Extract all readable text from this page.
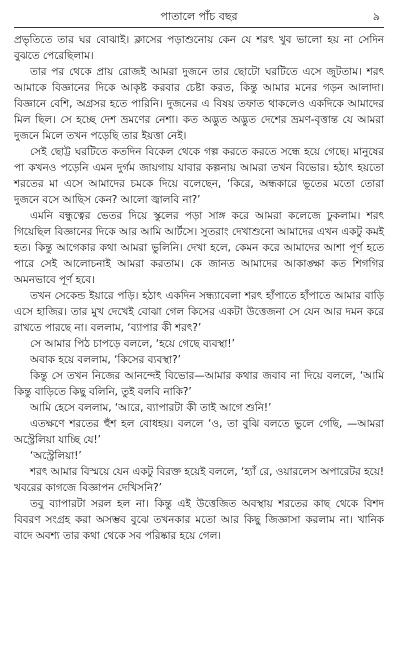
পাতালে পাঁচ বছর	৯

প্রভৃতিতে তার ঘর বোঝাই। ক্লাসের পড়াশুনোয় কেন যে শরৎ খুব ভালো হয় না সেদিন বুঝতে পেরেছিলাম।

তার পর থেকে প্রায় রোজই আমরা দুজনে তার ছোটো ঘরটিতে এসে জুটতাম। শরৎ আমাকে বিজ্ঞানের দিকে আকৃষ্ট করবার চেষ্টা করত, কিন্তু আমার মনের গড়ন আলাদা। বিজ্ঞানে বেশি, অগ্রসর হতে পারিনি। দুজনের এ বিষয় তফাত থাকলেও একদিকে আমাদের মিল ছিল। সে হচ্ছে দেশ ভ্রমণের নেশা। কত অদ্ভুত অদ্ভুত দেশের ভ্রমণ-বৃত্তান্ত যে আমরা দুজনে মিলে তখন পড়েছি তার ইয়ত্তা নেই।

সেই ছোট্ট ঘরটিতে কতদিন বিকেল থেকে গল্প করতে করতে সন্ধে হয়ে গেছে। মানুষের পা কখনও পড়েনি এমন দুর্গম জায়গায় যাবার কল্পনায় আমরা তখন বিভোর। হঠাৎ হয়তো শরতের মা এসে আমাদের চমকে দিয়ে বলেছেন, ‘কিরে, অন্ধকারে ভূতের মতো তোরা দুজনে বসে আছিস কেন? আলো জ্বালবি না?’

এমনি বন্ধুত্বের ভেতর দিয়ে স্কুলের পড়া সাঙ্গ করে আমরা কলেজে ঢুকলাম। শরৎ গিয়েছিল বিজ্ঞানের দিকে আর আমি আর্টসে। সুতরাং দেখাশুনো আমাদের এখন একটু কমই হত। কিন্তু আগেকার কথা আমরা ভুলিনি। দেখা হলে, কেমন করে আমাদের আশা পূর্ণ হতে পারে সেই আলোচনাই আমরা করতাম। কে জানত আমাদের আকাঙ্ক্ষা কত শিগগির অমনভাবে পূর্ণ হবে।

তখন সেকেন্ড ইয়ারে পড়ি। হঠাৎ একদিন সন্ধ্যাবেলা শরৎ হাঁপাতে হাঁপাতে আমার বাড়ি এসে হাজির। তার মুখ দেখেই বোঝা গেল কিসের একটা উত্তেজনা সে যেন আর দমন করে রাখতে পারছে না। বললাম, ‘ব্যাপার কী শরৎ?’

সে আমার পিঠ চাপড়ে বললে, ‘হয়ে গেছে ব্যবস্থা!’

অবাক হয়ে বললাম, ‘কিসের ব্যবস্থা?’

কিন্তু সে তখন নিজের আনন্দেই বিভোর—আমার কথার জবাব না দিয়ে বললে, ‘আমি কিন্তু বাড়িতে কিছু বলিনি, তুই বলবি নাকি?’

আমি হেসে বললাম, ‘আরে, ব্যাপারটা কী তাই আগে শুনি!’

এতক্ষণে শরতের হুঁশ হল বোধহয়। বললে ‘ও, তা বুঝি বলতে ভুলে গেছি, —আমরা অস্ট্রেলিয়া যাচ্ছি যে!’

‘অস্ট্রেলিয়া!’

শরৎ আমার বিস্ময়ে যেন একটু বিরক্ত হয়েই বললে, ‘হ্যাঁ রে, ওয়ারলেস অপারেটর হয়ে! খবরের কাগজে বিজ্ঞাপন দেখিসনি?’

তবু ব্যাপারটা সরল হল না। কিন্তু এই উত্তেজিত অবস্থায় শরতের কাছ থেকে বিশদ বিবরণ সংগ্রহ করা অসম্ভব বুঝে তখনকার মতো আর কিছু জিজ্ঞাসা করলাম না। খানিক বাদে অবশ্য তার কথা থেকে সব পরিষ্কার হয়ে গেল।
